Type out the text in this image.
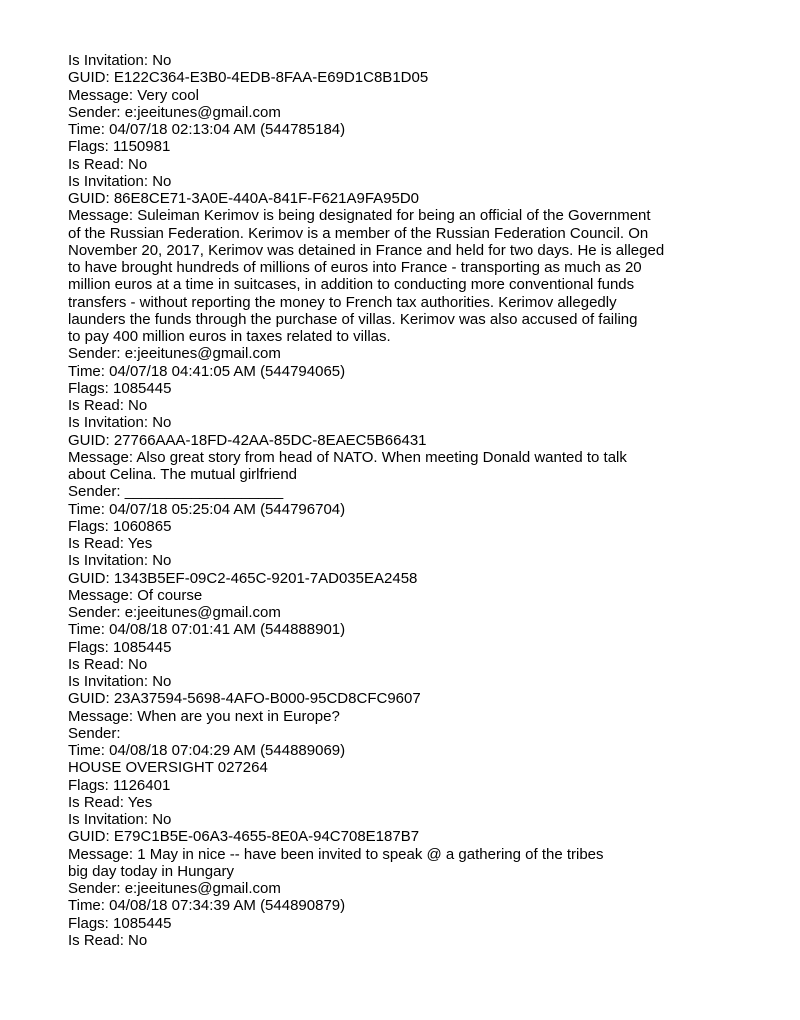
Is Invitation: No
GUID: E122C364-E3B0-4EDB-8FAA-E69D1C8B1D05
Message: Very cool
Sender: e:jeeitunes@gmail.com
Time: 04/07/18 02:13:04 AM (544785184)
Flags: 1150981
Is Read: No
Is Invitation: No
GUID: 86E8CE71-3A0E-440A-841F-F621A9FA95D0
Message: Suleiman Kerimov is being designated for being an official of the Government
of the Russian Federation. Kerimov is a member of the Russian Federation Council. On
November 20, 2017, Kerimov was detained in France and held for two days. He is alleged
to have brought hundreds of millions of euros into France - transporting as much as 20
million euros at a time in suitcases, in addition to conducting more conventional funds
transfers - without reporting the money to French tax authorities. Kerimov allegedly
launders the funds through the purchase of villas. Kerimov was also accused of failing
to pay 400 million euros in taxes related to villas.
Sender: e:jeeitunes@gmail.com
Time: 04/07/18 04:41:05 AM (544794065)
Flags: 1085445
Is Read: No
Is Invitation: No
GUID: 27766AAA-18FD-42AA-85DC-8EAEC5B66431
Message: Also great story from head of NATO. When meeting Donald wanted to talk
about Celina. The mutual girlfriend
Sender: ___________________
Time: 04/07/18 05:25:04 AM (544796704)
Flags: 1060865
Is Read: Yes
Is Invitation: No
GUID: 1343B5EF-09C2-465C-9201-7AD035EA2458
Message: Of course
Sender: e:jeeitunes@gmail.com
Time: 04/08/18 07:01:41 AM (544888901)
Flags: 1085445
Is Read: No
Is Invitation: No
GUID: 23A37594-5698-4AFO-B000-95CD8CFC9607
Message: When are you next in Europe?
Sender:
Time: 04/08/18 07:04:29 AM (544889069)
HOUSE OVERSIGHT 027264
Flags: 1126401
Is Read: Yes
Is Invitation: No
GUID: E79C1B5E-06A3-4655-8E0A-94C708E187B7
Message: 1 May in nice -- have been invited to speak @ a gathering of the tribes
big day today in Hungary
Sender: e:jeeitunes@gmail.com
Time: 04/08/18 07:34:39 AM (544890879)
Flags: 1085445
Is Read: No
